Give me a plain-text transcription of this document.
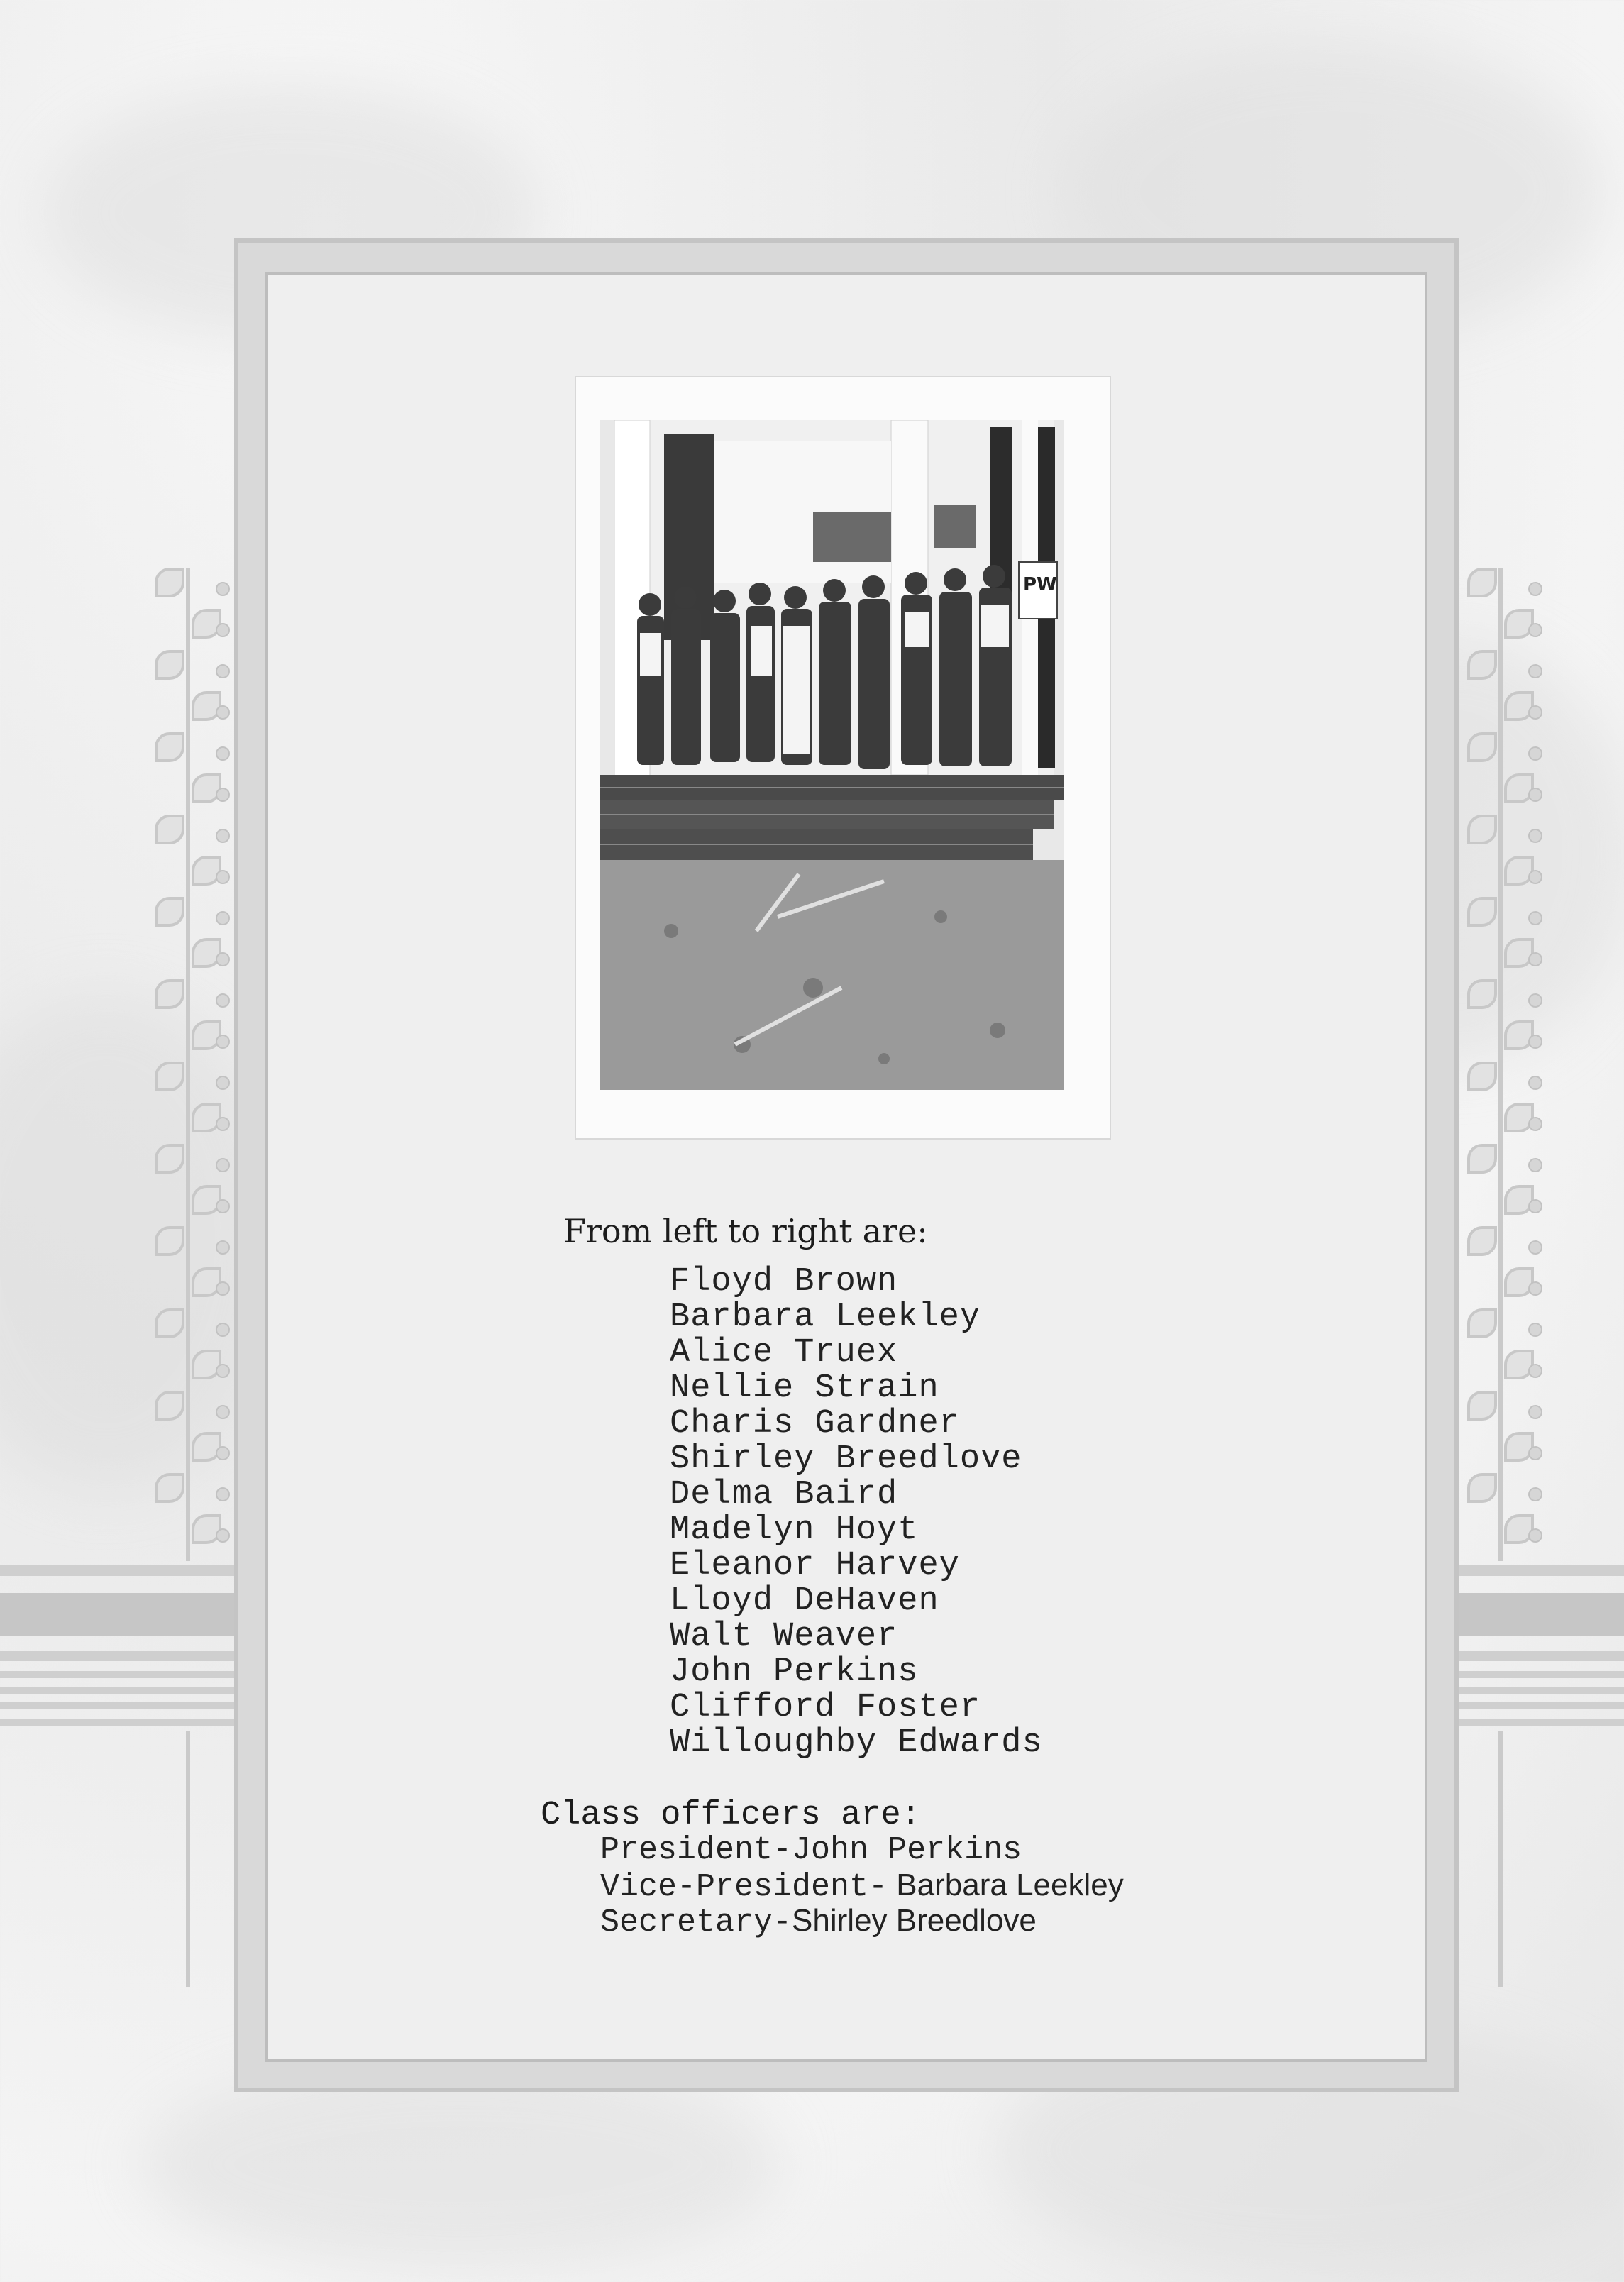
PW
From left to right are:
Floyd Brown
Barbara Leekley
Alice Truex
Nellie Strain
Charis Gardner
Shirley Breedlove
Delma Baird
Madelyn Hoyt
Eleanor Harvey
Lloyd DeHaven
Walt Weaver
John Perkins
Clifford Foster
Willoughby Edwards
Class officers are:
President-John Perkins
Vice-President- Barbara Leekley
Secretary-Shirley Breedlove
